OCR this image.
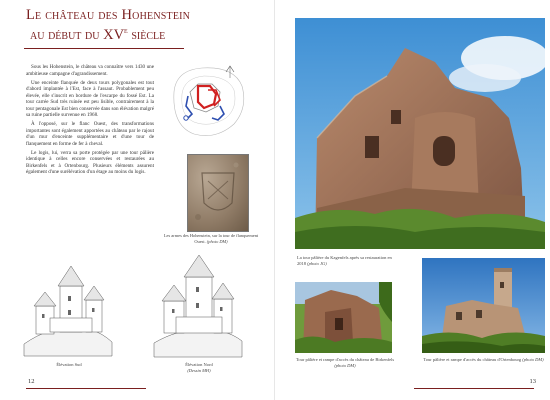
Le château des Hohenstein
au début du XVe siècle

Sous les Hohenstein, le château va connaître vers 1430 une ambitieuse campagne d'agrandissement.

Une enceinte flanquée de deux tours polygonales est tout d'abord implantée à l'Est, face à l'assaut. Probablement peu élevée, elle s'inscrit en bordure de l'escarpe du fossé Est. La tour carrée Sud très ruinée est peu lisible, contrairement à la tour pentagonale Est bien conservée dans son élévation malgré sa ruine partielle survenue en 1968.

À l'opposé, sur le flanc Ouest, des transformations importantes sont également apportées au château par le rajout d'un mur d'enceinte supplémentaire et d'une tour de flanquement en forme de fer à cheval.

Le logis, lui, verra sa porte protégée par une tour pâlière identique à celles encore conservées et restaurées au Birkenfels et à Ortenbourg. Plusieurs éléments assurent également d'une surélévation d'un étage au moins du logis.

Les armes des Hohenstein, sur la tour de flanquement Ouest. (photo DM)
Élévation Sud	Élévation Nord
(Dessin MH)
12
La tour pâlière du Kagenfels après sa restauration en 2018 (photo JG)
Tour pâlière et rampe d'accès du château de Birkenfels (photo DM)
Tour pâlière et rampe d'accès du château d'Ortenbourg (photo DM)
13
